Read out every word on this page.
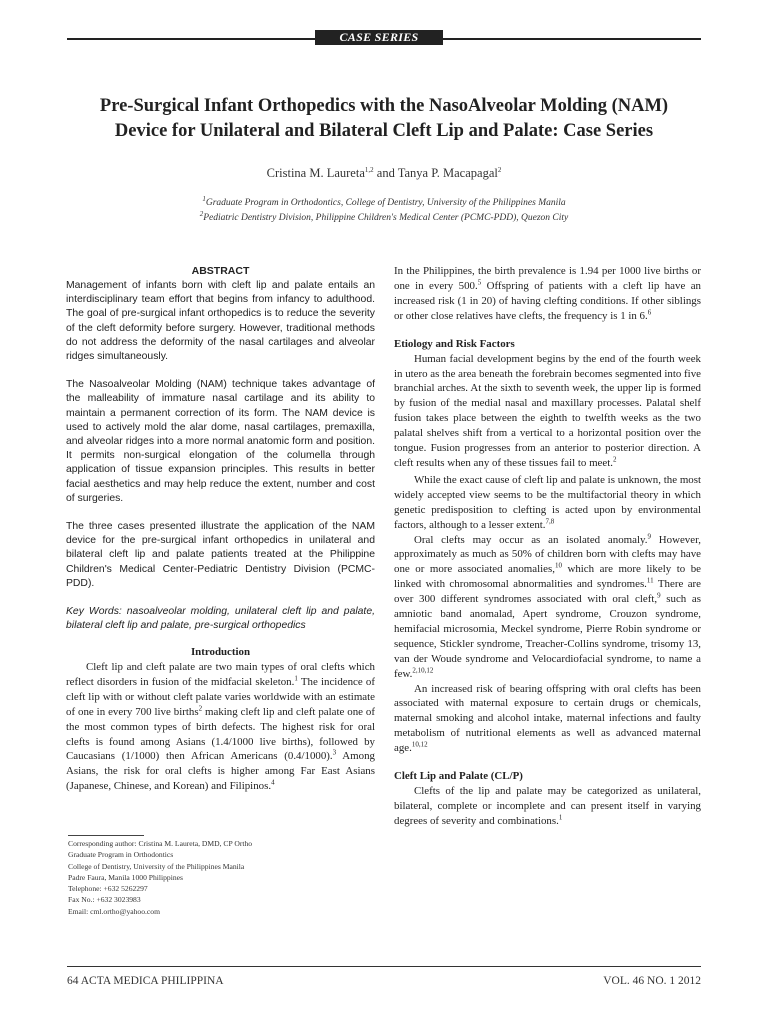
CASE SERIES
Pre-Surgical Infant Orthopedics with the NasoAlveolar Molding (NAM)
Device for Unilateral and Bilateral Cleft Lip and Palate: Case Series
Cristina M. Laureta$^{1,2}$ and Tanya P. Macapagal$^2$
$^1$Graduate Program in Orthodontics, College of Dentistry, University of the Philippines Manila
$^2$Pediatric Dentistry Division, Philippine Children's Medical Center (PCMC-PDD), Quezon City
ABSTRACT

Management of infants born with cleft lip and palate entails an interdisciplinary team effort that begins from infancy to adulthood. The goal of pre-surgical infant orthopedics is to reduce the severity of the cleft deformity before surgery. However, traditional methods do not address the deformity of the nasal cartilages and alveolar ridges simultaneously.

The Nasoalveolar Molding (NAM) technique takes advantage of the malleability of immature nasal cartilage and its ability to maintain a permanent correction of its form. The NAM device is used to actively mold the alar dome, nasal cartilages, premaxilla, and alveolar ridges into a more normal anatomic form and position. It permits non-surgical elongation of the columella through application of tissue expansion principles. This results in better facial aesthetics and may help reduce the extent, number and cost of surgeries.

The three cases presented illustrate the application of the NAM device for the pre-surgical infant orthopedics in unilateral and bilateral cleft lip and palate patients treated at the Philippine Children's Medical Center-Pediatric Dentistry Division (PCMC-PDD).

Key Words: nasoalveolar molding, unilateral cleft lip and palate, bilateral cleft lip and palate, pre-surgical orthopedics

Introduction

Cleft lip and cleft palate are two main types of oral clefts which reflect disorders in fusion of the midfacial skeleton.$^1$ The incidence of cleft lip with or without cleft palate varies worldwide with an estimate of one in every 700 live births$^2$ making cleft lip and cleft palate one of the most common types of birth defects. The highest risk for oral clefts is found among Asians (1.4/1000 live births), followed by Caucasians (1/1000) then African Americans (0.4/1000).$^3$ Among Asians, the risk for oral clefts is higher among Far East Asians (Japanese, Chinese, and Korean) and Filipinos.$^4$

Corresponding author: Cristina M. Laureta, DMD, CP Ortho
Graduate Program in Orthodontics
College of Dentistry, University of the Philippines Manila
Padre Faura, Manila 1000 Philippines
Telephone: +632 5262297
Fax No.: +632 3023983
Email: cml.ortho@yahoo.com

In the Philippines, the birth prevalence is 1.94 per 1000 live births or one in every 500.$^5$ Offspring of patients with a cleft lip have an increased risk (1 in 20) of having clefting conditions. If other siblings or other close relatives have clefts, the frequency is 1 in 6.$^6$

Etiology and Risk Factors

Human facial development begins by the end of the fourth week in utero as the area beneath the forebrain becomes segmented into five branchial arches. At the sixth to seventh week, the upper lip is formed by fusion of the medial nasal and maxillary processes. Palatal shelf fusion takes place between the eighth to twelfth weeks as the two palatal shelves shift from a vertical to a horizontal position over the tongue. Fusion progresses from an anterior to posterior direction. A cleft results when any of these tissues fail to meet.$^2$

While the exact cause of cleft lip and palate is unknown, the most widely accepted view seems to be the multifactorial theory in which genetic predisposition to clefting is acted upon by environmental factors, although to a lesser extent.$^{7,8}$

Oral clefts may occur as an isolated anomaly.$^9$ However, approximately as much as 50% of children born with clefts may have one or more associated anomalies,$^{10}$ which are more likely to be linked with chromosomal abnormalities and syndromes.$^{11}$ There are over 300 different syndromes associated with oral cleft,$^9$ such as amniotic band anomalad, Apert syndrome, Crouzon syndrome, hemifacial microsomia, Meckel syndrome, Pierre Robin syndrome or sequence, Stickler syndrome, Treacher-Collins syndrome, trisomy 13, van der Woude syndrome and Velocardiofacial syndrome, to name a few.$^{2,10,12}$

An increased risk of bearing offspring with oral clefts has been associated with maternal exposure to certain drugs or chemicals, maternal smoking and alcohol intake, maternal infections and faulty metabolism of nutritional elements as well as advanced maternal age.$^{10,12}$

Cleft Lip and Palate (CL/P)

Clefts of the lip and palate may be categorized as unilateral, bilateral, complete or incomplete and can present itself in varying degrees of severity and combinations.$^1$

64 ACTA MEDICA PHILIPPINA	VOL. 46 NO. 1 2012
